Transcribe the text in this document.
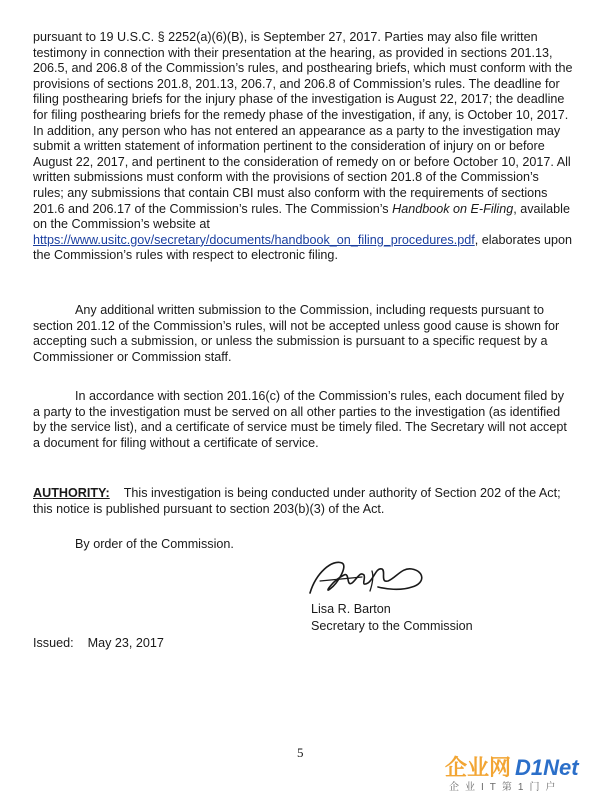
pursuant to 19 U.S.C. § 2252(a)(6)(B), is September 27, 2017. Parties may also file written testimony in connection with their presentation at the hearing, as provided in sections 201.13, 206.5, and 206.8 of the Commission’s rules, and posthearing briefs, which must conform with the provisions of sections 201.8, 201.13, 206.7, and 206.8 of Commission’s rules. The deadline for filing posthearing briefs for the injury phase of the investigation is August 22, 2017; the deadline for filing posthearing briefs for the remedy phase of the investigation, if any, is October 10, 2017. In addition, any person who has not entered an appearance as a party to the investigation may submit a written statement of information pertinent to the consideration of injury on or before August 22, 2017, and pertinent to the consideration of remedy on or before October 10, 2017. All written submissions must conform with the provisions of section 201.8 of the Commission’s rules; any submissions that contain CBI must also conform with the requirements of sections 201.6 and 206.17 of the Commission’s rules. The Commission’s Handbook on E-Filing, available on the Commission’s website at https://www.usitc.gov/secretary/documents/handbook_on_filing_procedures.pdf, elaborates upon the Commission’s rules with respect to electronic filing.

Any additional written submission to the Commission, including requests pursuant to section 201.12 of the Commission’s rules, will not be accepted unless good cause is shown for accepting such a submission, or unless the submission is pursuant to a specific request by a Commissioner or Commission staff.

In accordance with section 201.16(c) of the Commission’s rules, each document filed by a party to the investigation must be served on all other parties to the investigation (as identified by the service list), and a certificate of service must be timely filed. The Secretary will not accept a document for filing without a certificate of service.

AUTHORITY: This investigation is being conducted under authority of Section 202 of the Act; this notice is published pursuant to section 203(b)(3) of the Act.

By order of the Commission.
Lisa R. Barton
Secretary to the Commission
Issued: May 23, 2017
5
企业网 D1Net
企业IT第1门户
